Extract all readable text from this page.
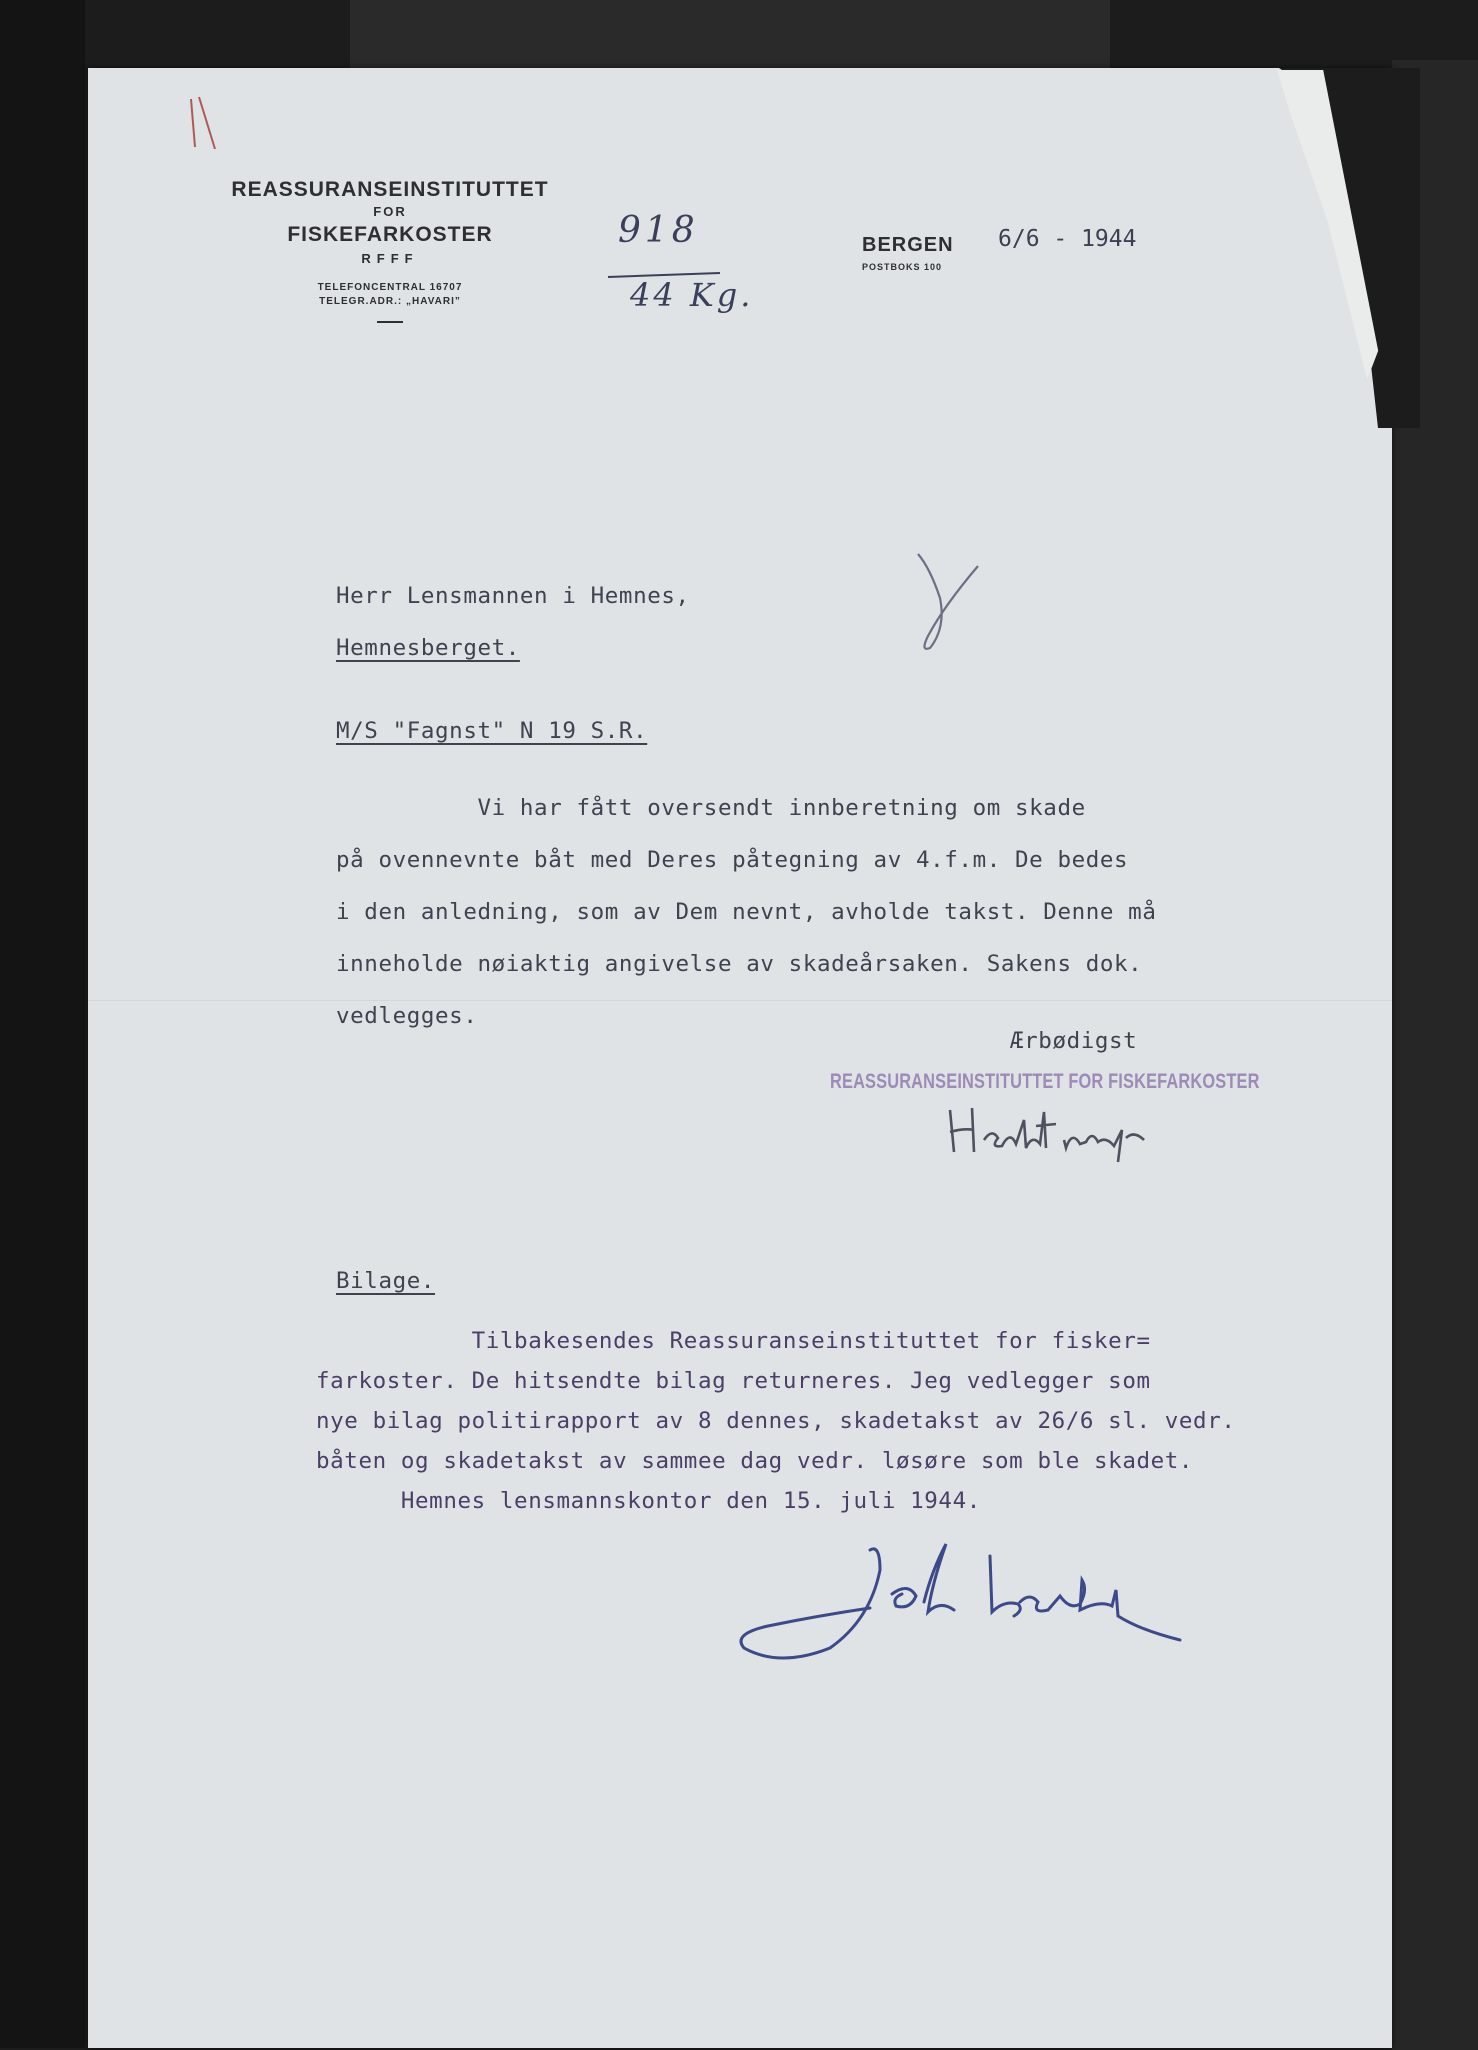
REASSURANSEINSTITUTTET
FOR
FISKEFARKOSTER
RFFF
TELEFONCENTRAL 16707
TELEGR.ADR.: „HAVARI”
918
44 Kg.
BERGEN
POSTBOKS 100
6/6 - 1944
Herr Lensmannen i Hemnes,
Hemnesberget.
M/S "Fagnst" N 19 S.R.
Vi har fått oversendt innberetning om skade
på ovennevnte båt med Deres påtegning av 4.f.m. De bedes
i den anledning, som av Dem nevnt, avholde takst. Denne må
inneholde nøiaktig angivelse av skadeårsaken. Sakens dok.
vedlegges.
Ærbødigst
REASSURANSEINSTITUTTET FOR FISKEFARKOSTER
Bilage.
Tilbakesendes Reassuranseinstituttet for fisker=
farkoster. De hitsendte bilag returneres. Jeg vedlegger som
nye bilag politirapport av 8 dennes, skadetakst av 26/6 sl. vedr.
båten og skadetakst av sammee dag vedr. løsøre som ble skadet.
Hemnes lensmannskontor den 15. juli 1944.
